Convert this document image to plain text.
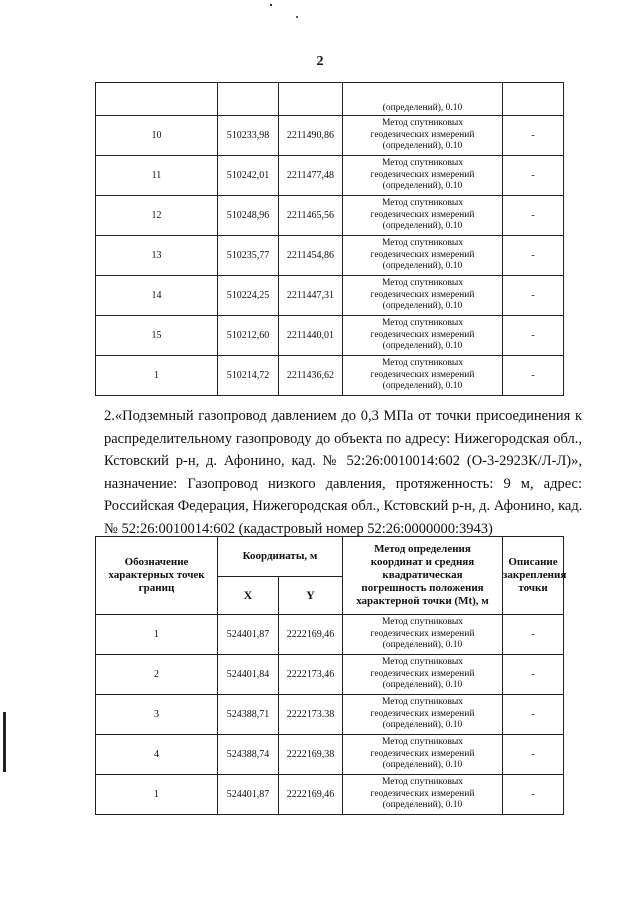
2
			(определений), 0.10	
10	510233,98	2211490,86	Метод спутниковых
геодезических измерений
(определений), 0.10	-
11	510242,01	2211477,48	Метод спутниковых
геодезических измерений
(определений), 0.10	-
12	510248,96	2211465,56	Метод спутниковых
геодезических измерений
(определений), 0.10	-
13	510235,77	2211454,86	Метод спутниковых
геодезических измерений
(определений), 0.10	-
14	510224,25	2211447,31	Метод спутниковых
геодезических измерений
(определений), 0.10	-
15	510212,60	2211440,01	Метод спутниковых
геодезических измерений
(определений), 0.10	-
1	510214,72	2211436,62	Метод спутниковых
геодезических измерений
(определений), 0.10	-
2.«Подземный газопровод давлением до 0,3 МПа от точки присоединения к
распределительному газопроводу до объекта по адресу: Нижегородская обл.,
Кстовский р-н, д. Афонино, кад. № 52:26:0010014:602 (О-3-2923К/Л-Л)»,
назначение: Газопровод низкого давления, протяженность: 9 м, адрес:
Российская Федерация, Нижегородская обл., Кстовский р-н, д. Афонино, кад.
№ 52:26:0010014:602 (кадастровый номер 52:26:0000000:3943)
Обозначение
характерных точек
границ	Координаты, м		Метод определения
координат и средняя
квадратическая
погрешность положения
характерной точки (Mt), м	Описание
закрепления
точки
	X	Y		
1	524401,87	2222169,46	Метод спутниковых
геодезических измерений
(определений), 0.10	-
2	524401,84	2222173,46	Метод спутниковых
геодезических измерений
(определений), 0.10	-
3	524388,71	2222173.38	Метод спутниковых
геодезических измерений
(определений), 0.10	-
4	524388,74	2222169,38	Метод спутниковых
геодезических измерений
(определений), 0.10	-
1	524401,87	2222169,46	Метод спутниковых
геодезических измерений
(определений), 0.10	-
